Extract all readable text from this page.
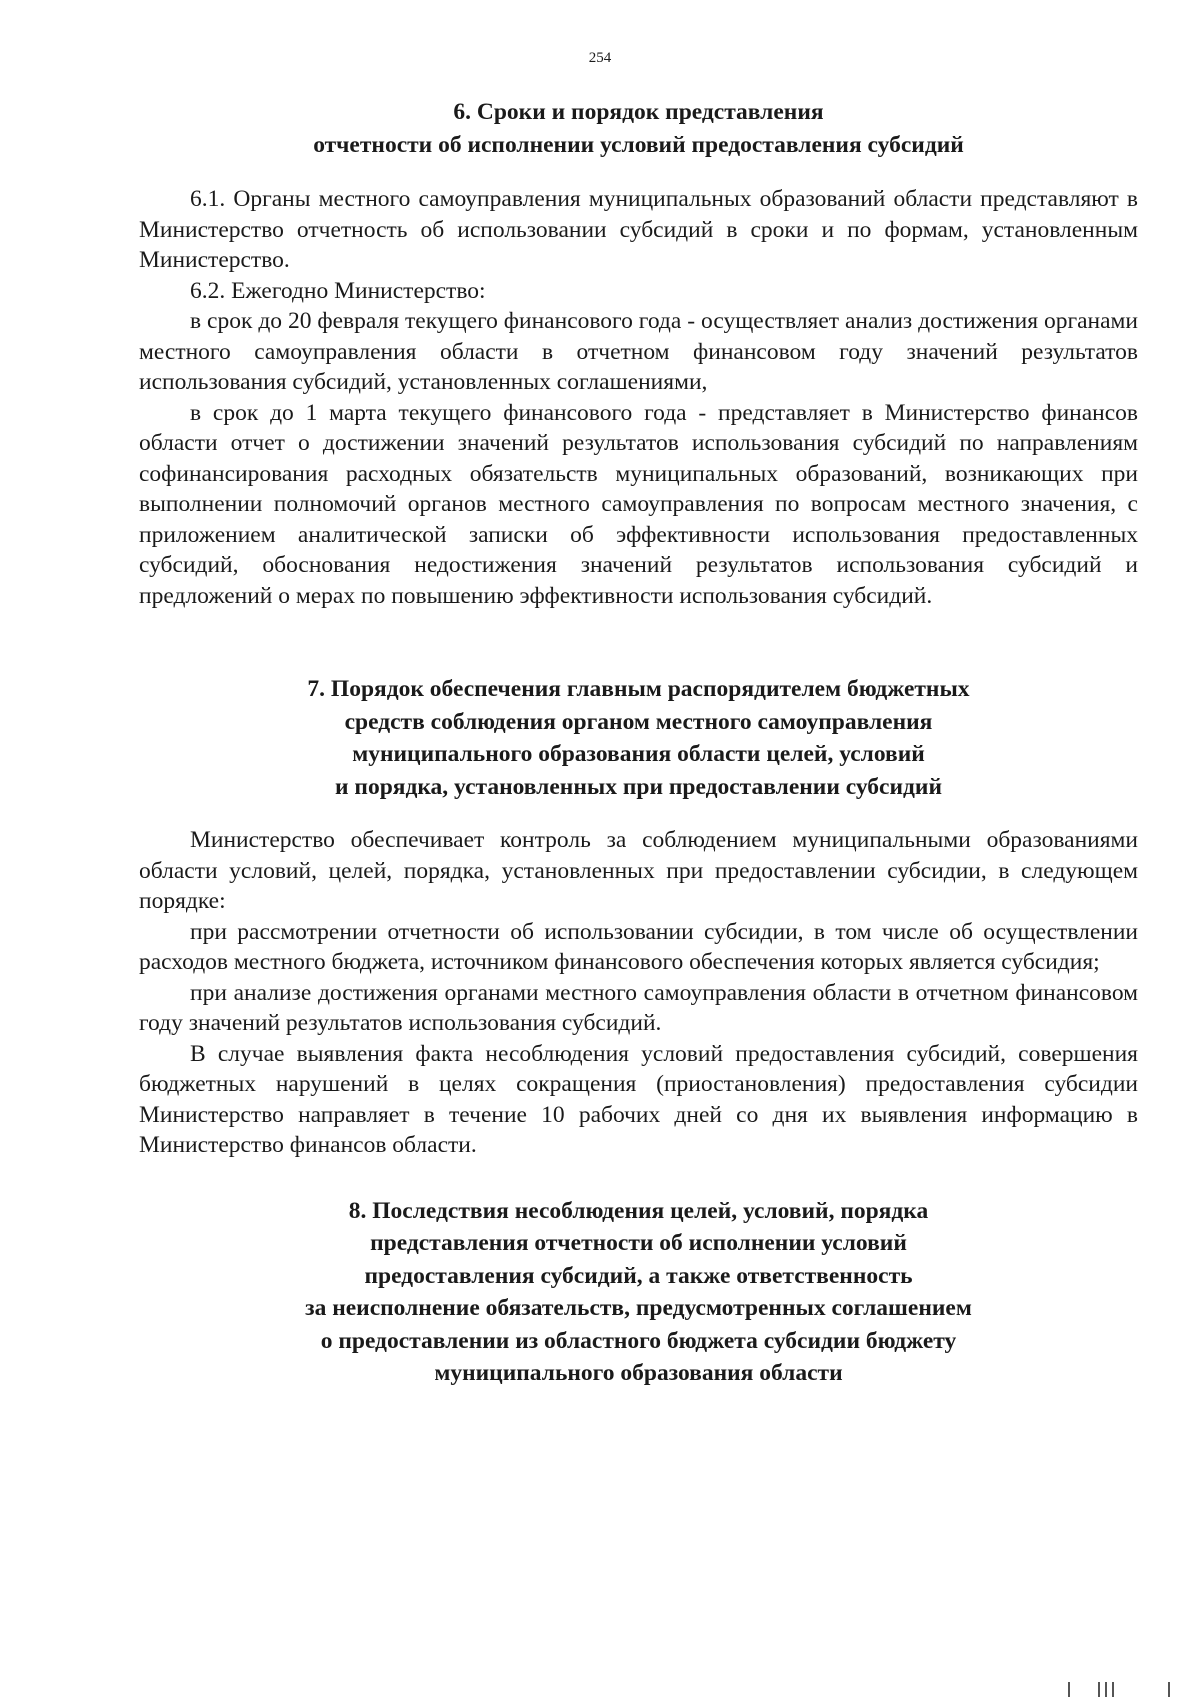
254
6. Сроки и порядок представления
отчетности об исполнении условий предоставления субсидий

6.1. Органы местного самоуправления муниципальных образований области представляют в Министерство отчетность об использовании субсидий в сроки и по формам, установленным Министерство.

6.2. Ежегодно Министерство:

в срок до 20 февраля текущего финансового года - осуществляет анализ достижения органами местного самоуправления области в отчетном финансовом году значений результатов использования субсидий, установленных соглашениями,

в срок до 1 марта текущего финансового года - представляет в Министерство финансов области отчет о достижении значений результатов использования субсидий по направлениям софинансирования расходных обязательств муниципальных образований, возникающих при выполнении полномочий органов местного самоуправления по вопросам местного значения, с приложением аналитической записки об эффективности использования предоставленных субсидий, обоснования недостижения значений результатов использования субсидий и предложений о мерах по повышению эффективности использования субсидий.

7. Порядок обеспечения главным распорядителем бюджетных
средств соблюдения органом местного самоуправления
муниципального образования области целей, условий
и порядка, установленных при предоставлении субсидий

Министерство обеспечивает контроль за соблюдением муниципальными образованиями области условий, целей, порядка, установленных при предоставлении субсидии, в следующем порядке:

при рассмотрении отчетности об использовании субсидии, в том числе об осуществлении расходов местного бюджета, источником финансового обеспечения которых является субсидия;

при анализе достижения органами местного самоуправления области в отчетном финансовом году значений результатов использования субсидий.

В случае выявления факта несоблюдения условий предоставления субсидий, совершения бюджетных нарушений в целях сокращения (приостановления) предоставления субсидии Министерство направляет в течение 10 рабочих дней со дня их выявления информацию в Министерство финансов области.

8. Последствия несоблюдения целей, условий, порядка
представления отчетности об исполнении условий
предоставления субсидий, а также ответственность
за неисполнение обязательств, предусмотренных соглашением
о предоставлении из областного бюджета субсидии бюджету
муниципального образования области
